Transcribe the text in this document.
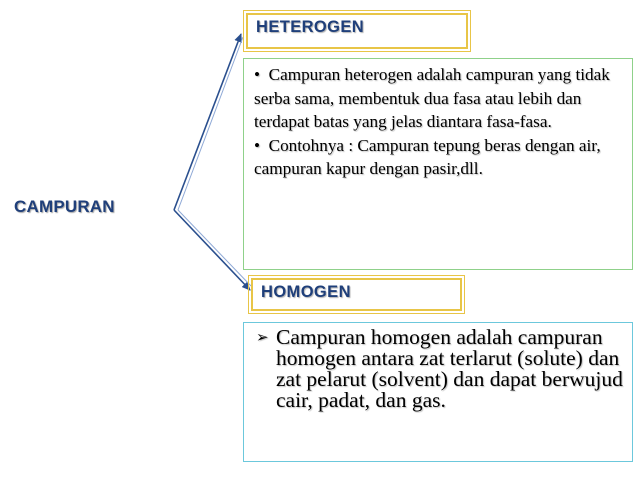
CAMPURAN
HETEROGEN

• Campuran heterogen adalah campuran yang tidak serba sama, membentuk dua fasa atau lebih dan terdapat batas yang jelas diantara fasa-fasa.

• Contohnya : Campuran tepung beras dengan air, campuran kapur dengan pasir,dll.

HOMOGEN
➢ Campuran homogen adalah campuran homogen antara zat terlarut (solute) dan zat pelarut (solvent) dan dapat berwujud cair, padat, dan gas.
